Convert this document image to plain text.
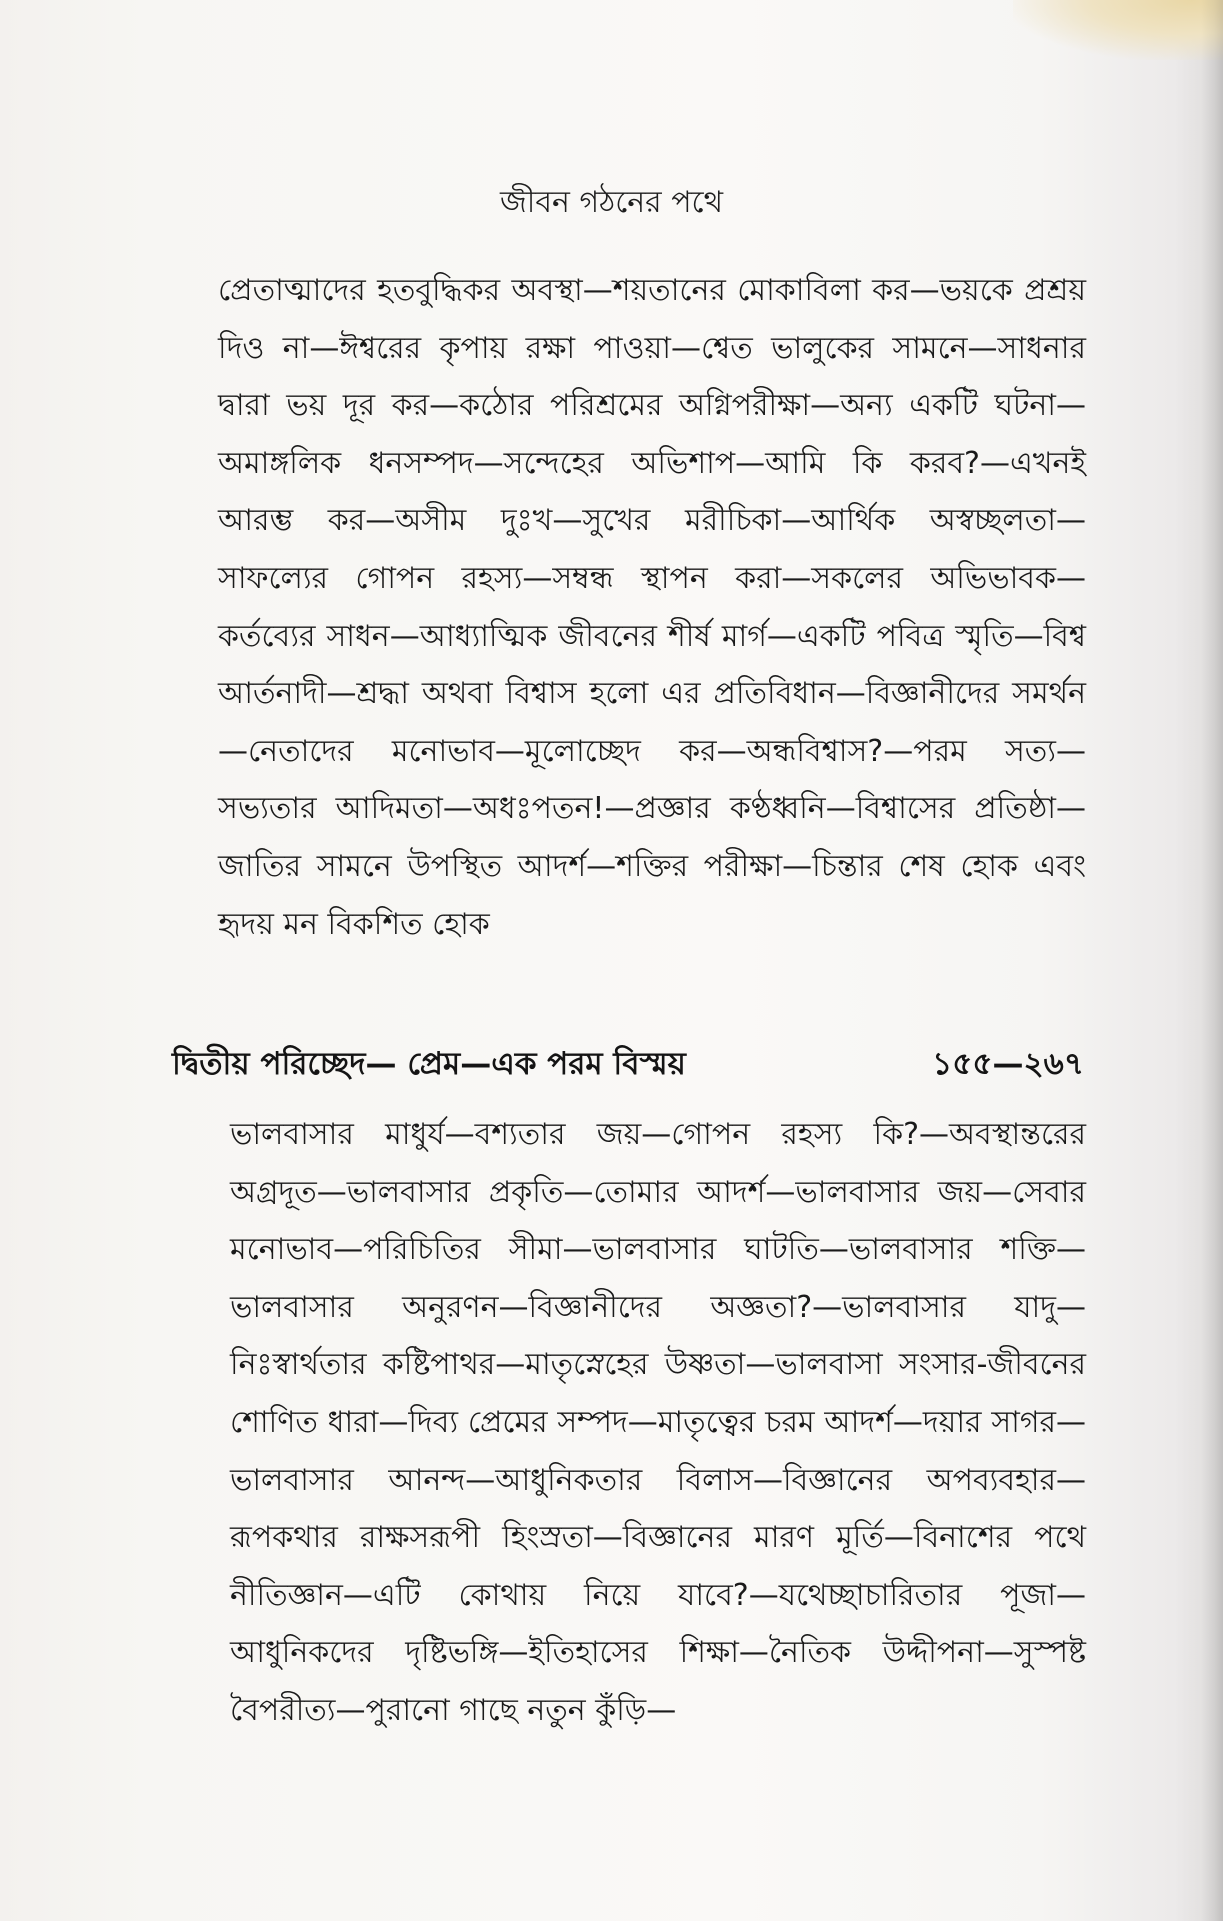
জীবন গঠনের পথে

প্রেতাত্মাদের হতবুদ্ধিকর অবস্থা—শয়তানের মোকাবিলা কর—ভয়কে প্রশ্রয় দিও না—ঈশ্বরের কৃপায় রক্ষা পাওয়া—শ্বেত ভালুকের সামনে—সাধনার দ্বারা ভয় দূর কর—কঠোর পরিশ্রমের অগ্নিপরীক্ষা—অন্য একটি ঘটনা—অমাঙ্গলিক ধনসম্পদ—সন্দেহের অভিশাপ—আমি কি করব?—এখনই আরম্ভ কর—অসীম দুঃখ—সুখের মরীচিকা—আর্থিক অস্বচ্ছলতা—সাফল্যের গোপন রহস্য—সম্বন্ধ স্থাপন করা—সকলের অভিভাবক—কর্তব্যের সাধন—আধ্যাত্মিক জীবনের শীর্ষ মার্গ—একটি পবিত্র স্মৃতি—বিশ্ব আর্তনাদী—শ্রদ্ধা অথবা বিশ্বাস হলো এর প্রতিবিধান—বিজ্ঞানীদের সমর্থন—নেতাদের মনোভাব—মূলোচ্ছেদ কর—অন্ধবিশ্বাস?—পরম সত্য—সভ্যতার আদিমতা—অধঃপতন!—প্রজ্ঞার কণ্ঠধ্বনি—বিশ্বাসের প্রতিষ্ঠা—জাতির সামনে উপস্থিত আদর্শ—শক্তির পরীক্ষা—চিন্তার শেষ হোক এবং হৃদয় মন বিকশিত হোক

দ্বিতীয় পরিচ্ছেদ— প্রেম—এক পরম বিস্ময়	১৫৫—২৬৭

ভালবাসার মাধুর্য—বশ্যতার জয়—গোপন রহস্য কি?—অবস্থান্তরের অগ্রদূত—ভালবাসার প্রকৃতি—তোমার আদর্শ—ভালবাসার জয়—সেবার মনোভাব—পরিচিতির সীমা—ভালবাসার ঘাটতি—ভালবাসার শক্তি—ভালবাসার অনুরণন—বিজ্ঞানীদের অজ্ঞতা?—ভালবাসার যাদু—নিঃস্বার্থতার কষ্টিপাথর—মাতৃস্নেহের উষ্ণতা—ভালবাসা সংসার-জীবনের শোণিত ধারা—দিব্য প্রেমের সম্পদ—মাতৃত্বের চরম আদর্শ—দয়ার সাগর—ভালবাসার আনন্দ—আধুনিকতার বিলাস—বিজ্ঞানের অপব্যবহার—রূপকথার রাক্ষসরূপী হিংস্রতা—বিজ্ঞানের মারণ মূর্তি—বিনাশের পথে নীতিজ্ঞান—এটি কোথায় নিয়ে যাবে?—যথেচ্ছাচারিতার পূজা—আধুনিকদের দৃষ্টিভঙ্গি—ইতিহাসের শিক্ষা—নৈতিক উদ্দীপনা—সুস্পষ্ট বৈপরীত্য—পুরানো গাছে নতুন কুঁড়ি—
